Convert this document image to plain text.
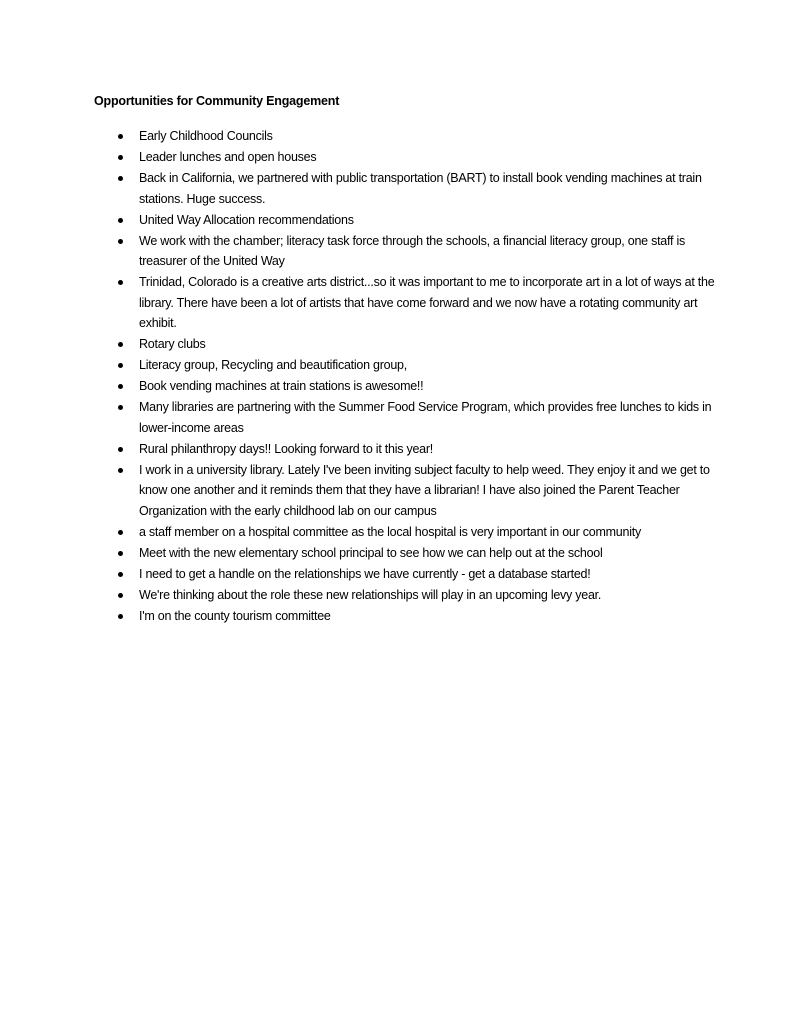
Opportunities for Community Engagement
Early Childhood Councils
Leader lunches and open houses
Back in California, we partnered with public transportation (BART) to install book vending machines at train stations. Huge success.
United Way Allocation recommendations
We work with the chamber; literacy task force through the schools, a financial literacy group, one staff is treasurer of the United Way
Trinidad, Colorado is a creative arts district...so it was important to me to incorporate art in a lot of ways at the library. There have been a lot of artists that have come forward and we now have a rotating community art exhibit.
Rotary clubs
Literacy group, Recycling and beautification group,
Book vending machines at train stations is awesome!!
Many libraries are partnering with the Summer Food Service Program, which provides free lunches to kids in lower-income areas
Rural philanthropy days!! Looking forward to it this year!
I work in a university library. Lately I've been inviting subject faculty to help weed. They enjoy it and we get to know one another and it reminds them that they have a librarian! I have also joined the Parent Teacher Organization with the early childhood lab on our campus
a staff member on a hospital committee as the local hospital is very important in our community
Meet with the new elementary school principal to see how we can help out at the school
I need to get a handle on the relationships we have currently - get a database started!
We're thinking about the role these new relationships will play in an upcoming levy year.
I'm on the county tourism committee
